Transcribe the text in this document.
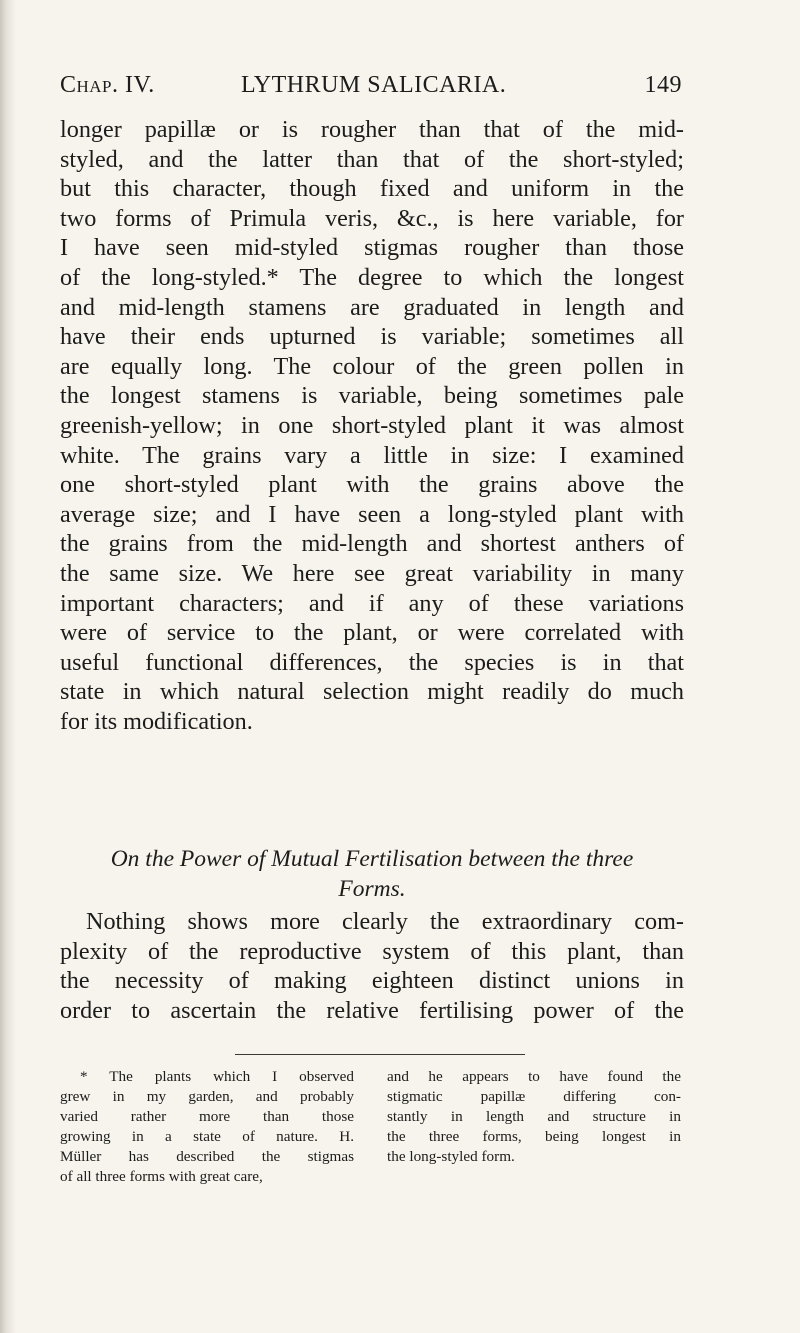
Chap. IV.	LYTHRUM SALICARIA.	149
longer papillæ or is rougher than that of the mid-
styled, and the latter than that of the short-styled;
but this character, though fixed and uniform in the
two forms of Primula veris, &c., is here variable, for
I have seen mid-styled stigmas rougher than those
of the long-styled.* The degree to which the longest
and mid-length stamens are graduated in length and
have their ends upturned is variable; sometimes all
are equally long. The colour of the green pollen in
the longest stamens is variable, being sometimes pale
greenish-yellow; in one short-styled plant it was almost
white. The grains vary a little in size: I examined
one short-styled plant with the grains above the
average size; and I have seen a long-styled plant with
the grains from the mid-length and shortest anthers of
the same size. We here see great variability in many
important characters; and if any of these variations
were of service to the plant, or were correlated with
useful functional differences, the species is in that
state in which natural selection might readily do much
for its modification.
On the Power of Mutual Fertilisation between the three
Forms.
Nothing shows more clearly the extraordinary com-
plexity of the reproductive system of this plant, than
the necessity of making eighteen distinct unions in
order to ascertain the relative fertilising power of the
* The plants which I observed
grew in my garden, and probably
varied rather more than those
growing in a state of nature. H.
Müller has described the stigmas
of all three forms with great care,
and he appears to have found the
stigmatic papillæ differing con-
stantly in length and structure in
the three forms, being longest in
the long-styled form.
